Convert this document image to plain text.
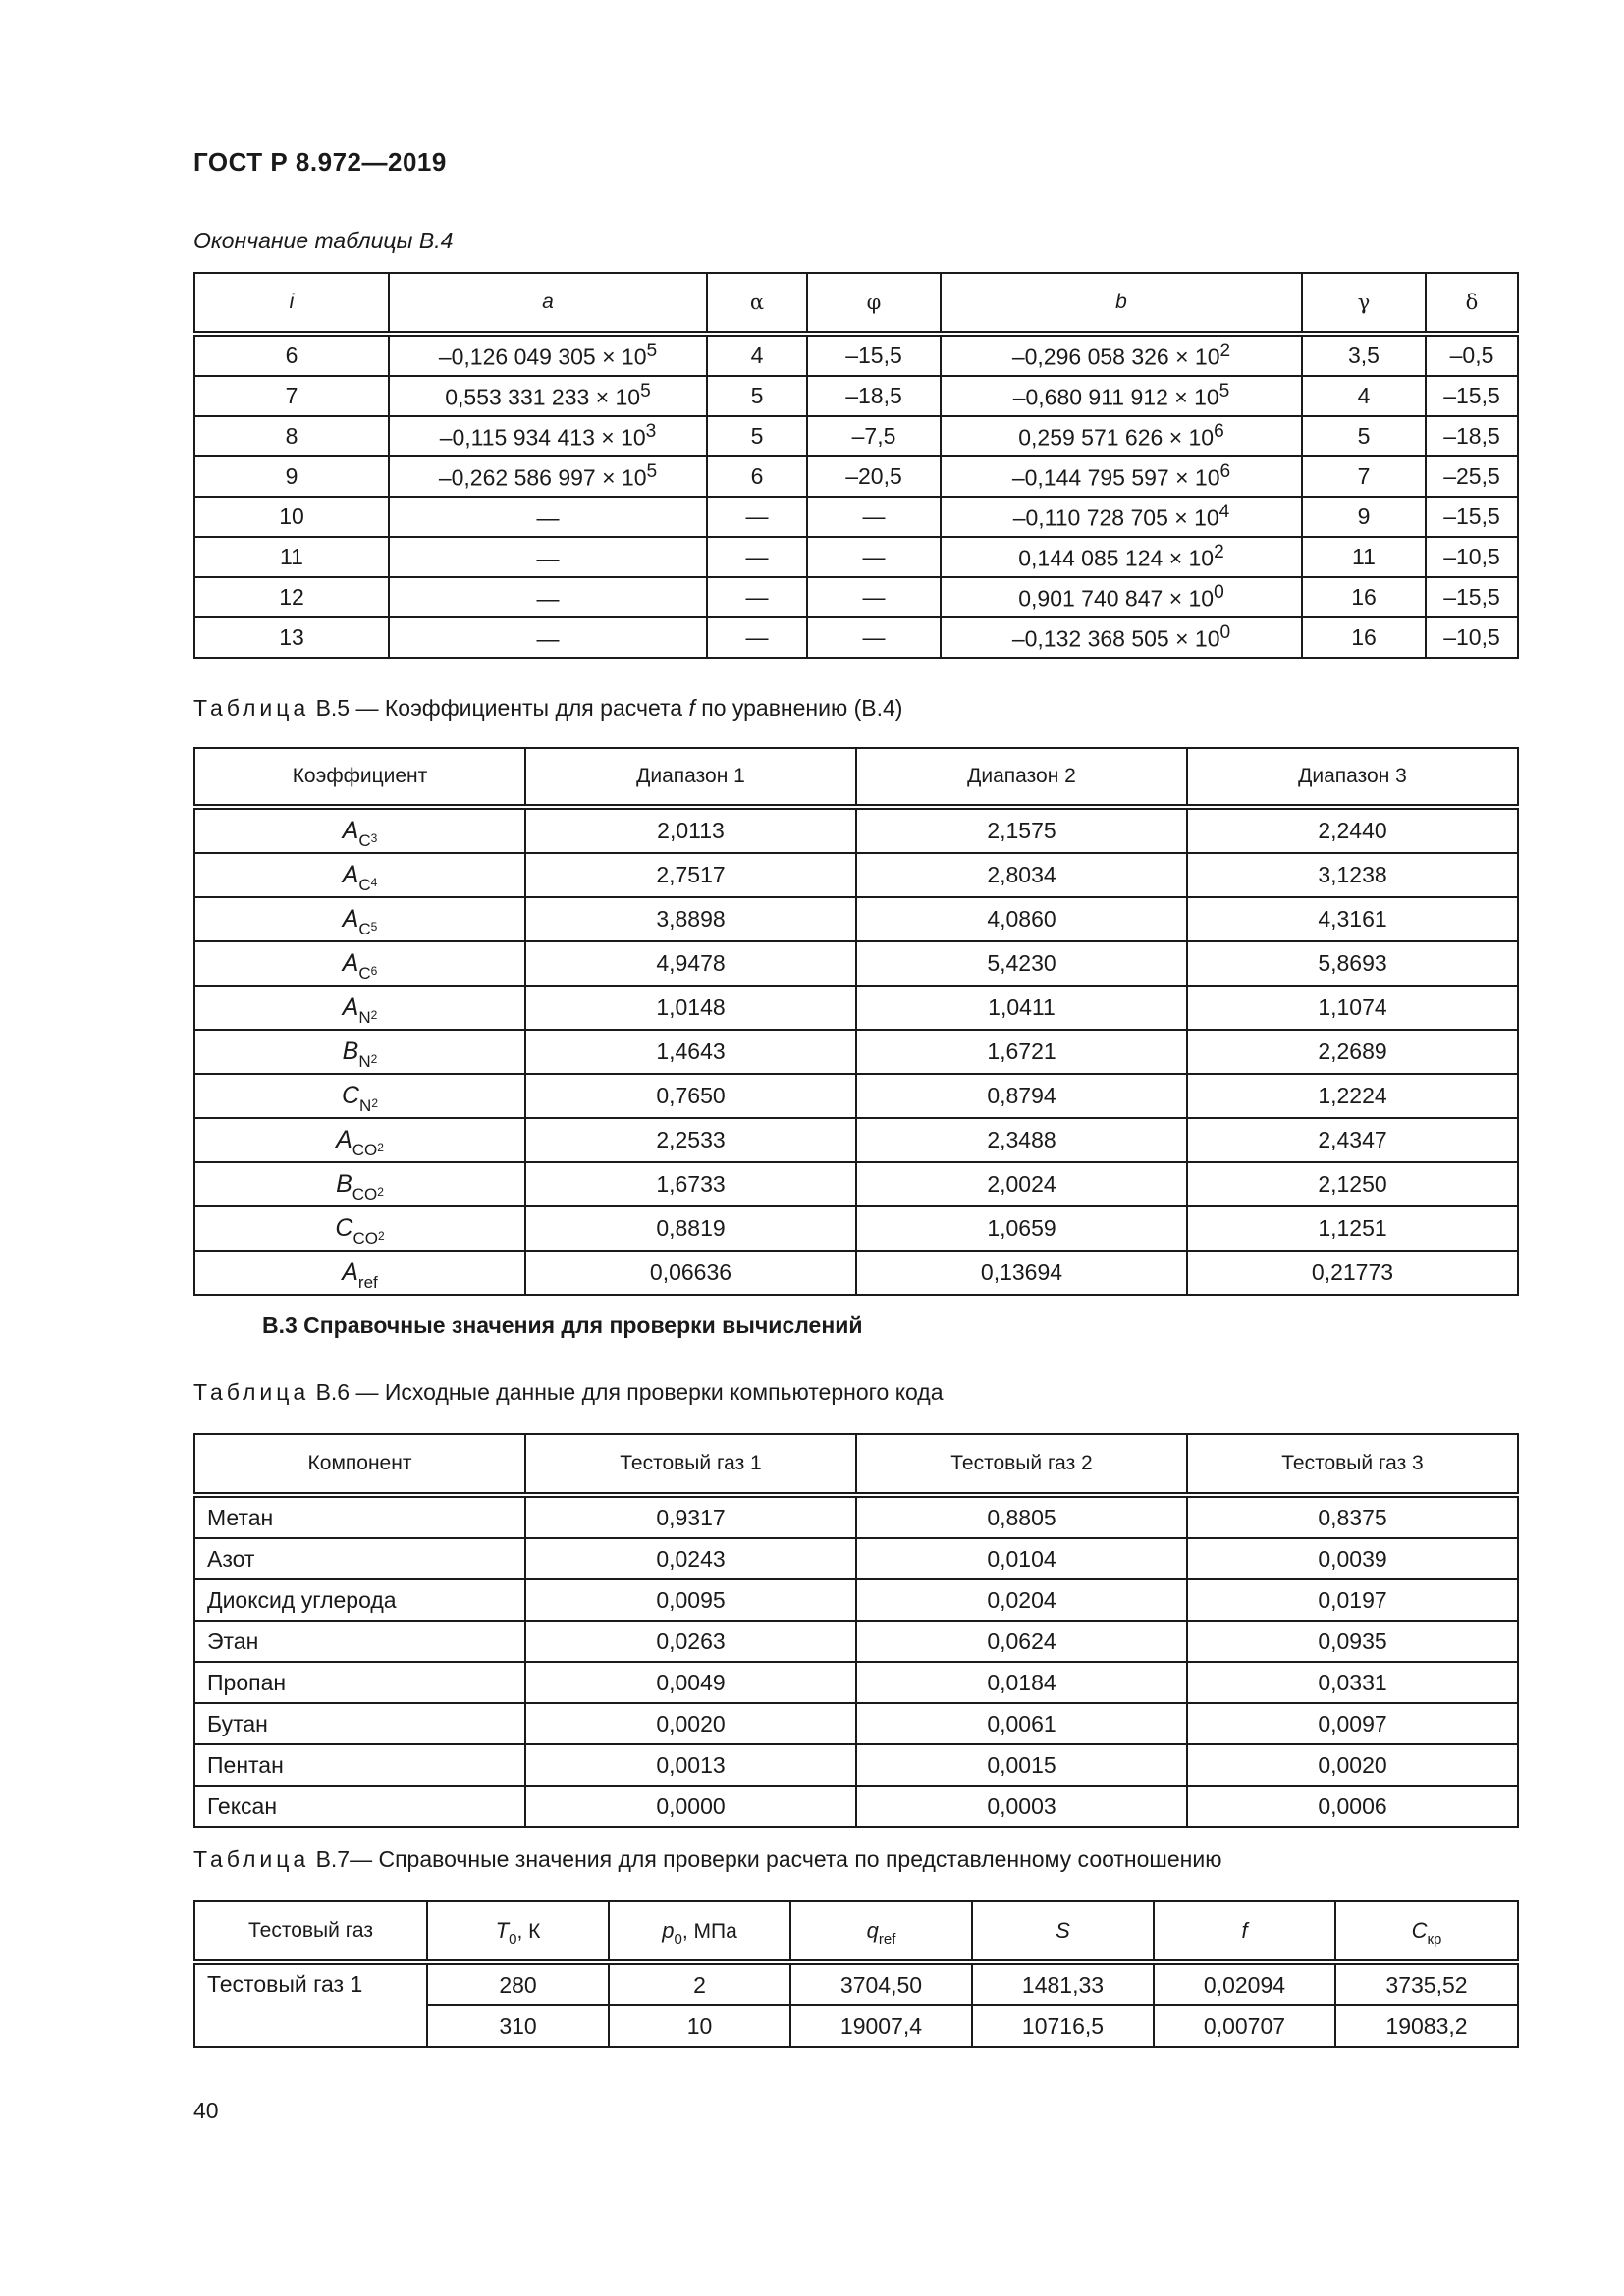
ГОСТ Р 8.972—2019
Окончание таблицы В.4
i	a	α	φ	b	γ	δ
6	–0,126 049 $305 \times 10^5$	4	–15,5	–0,296 058 $326 \times 10^2$	3,5	–0,5
7	0,553 331 $233 \times 10^5$	5	–18,5	–0,680 911 $912 \times 10^5$	4	–15,5
8	–0,115 934 $413 \times 10^3$	5	–7,5	0,259 571 $626 \times 10^6$	5	–18,5
9	–0,262 586 $997 \times 10^5$	6	–20,5	–0,144 795 $597 \times 10^6$	7	–25,5
10	—	—	—	–0,110 728 $705 \times 10^4$	9	–15,5
11	—	—	—	0,144 085 $124 \times 10^2$	11	–10,5
12	—	—	—	0,901 740 $847 \times 10^0$	16	–15,5
13	—	—	—	–0,132 368 $505 \times 10^0$	16	–10,5
Таблица В.5 — Коэффициенты для расчета f по уравнению (В.4)
Коэффициент	Диапазон 1	Диапазон 2	Диапазон 3
$A_C3$	2,0113	2,1575	2,2440
$A_C4$	2,7517	2,8034	3,1238
$A_C5$	3,8898	4,0860	4,3161
$A_C6$	4,9478	5,4230	5,8693
$A_N2$	1,0148	1,0411	1,1074
$B_N2$	1,4643	1,6721	2,2689
$C_N2$	0,7650	0,8794	1,2224
$A_{CO}2$	2,2533	2,3488	2,4347
$B_{CO}2$	1,6733	2,0024	2,1250
$C_{CO}2$	0,8819	1,0659	1,1251
$A_{ref}$	0,06636	0,13694	0,21773
В.3 Справочные значения для проверки вычислений
Таблица В.6 — Исходные данные для проверки компьютерного кода
Компонент	Тестовый газ 1	Тестовый газ 2	Тестовый газ 3
Метан	0,9317	0,8805	0,8375
Азот	0,0243	0,0104	0,0039
Диоксид углерода	0,0095	0,0204	0,0197
Этан	0,0263	0,0624	0,0935
Пропан	0,0049	0,0184	0,0331
Бутан	0,0020	0,0061	0,0097
Пентан	0,0013	0,0015	0,0020
Гексан	0,0000	0,0003	0,0006
Таблица В.7— Справочные значения для проверки расчета по представленному соотношению
Тестовый газ	$T_0$, К	$p_0$, МПа	$q_{ref}$	S	f	$C_{кр}$
Тестовый газ 1	280	2	3704,50	1481,33	0,02094	3735,52
	310	10	19007,4	10716,5	0,00707	19083,2
40
